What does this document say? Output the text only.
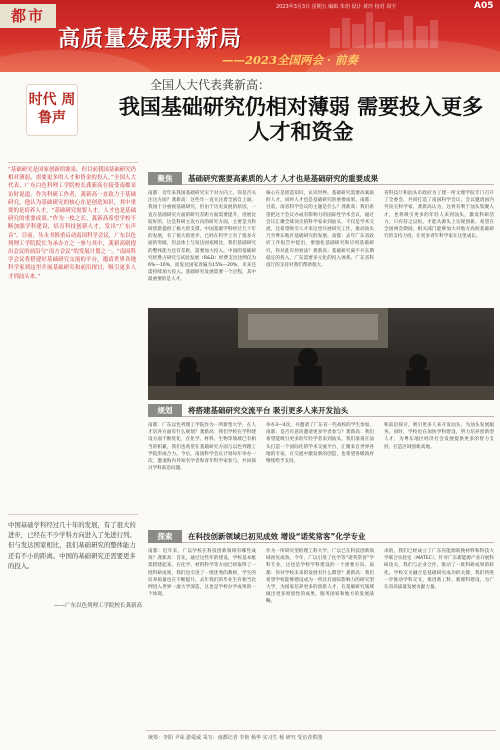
都市	2023年3月3日 星期五 编辑 朱玥 设计 黄玲 校对 周宇	A05
高质量发展开新局
——2023全国两会 · 前奏
时代 周 鲁声
全国人大代表龚新高：
我国基础研究仍相对薄弱 需要投入更多人才和资金
“基础研究是国家创新的源泉，但目前我国基础研究仍相对薄弱，需要更多的人才和资金的投入。”全国人大代表、广东白色科理工学院校长龚新高在接受南都采访时说道。作为科研工作者，龚新高一直致力于基础研究，他认为基础研究的核心在是创造知识，其中重要的是培养人才，“基础研究需要人才，人才也是基础研究的重要成果。”作为一枚之长，龚新高希望学校不断加强学科建设，培育科技创新人才，发出“广东声音”。目前，丛永书推重启动南国科学会议，广东以色列理工学院院长为承办方之一参与其中，龚新高则提出会议的前沿与“南方会议”的发展计划之一。“南国科学会议将搭建好基础研究交流的平台，邀请世界各地科学家到这里开展基础研究和前沿探讨，吸引更多人才到汕头来。”
聚焦	基础研究需要高素质的人才 人才也是基础研究的重要成果
南都：近年来我国基础研究实于对方向上。你是否关注这方面？龚新高：这些年一直关注着全国自上面，我国十分重视基础研究，但由于历史发展的原因，一直在基础研究方面的研究差距方面需要提升，进展比较好的，这是科研主攻方向的研究方面，主要是为科研创新提供了极大的支撑。中国基础学科经过几十年的发展，有了很大的进步，已经在科学上有了很多方面的突破，但总体上与发达国家相比，我们基础研究的整体能力还有差距，需要加大投入。中国的基础研究经费占研究与试验发展（R&D）经费支出比例仅为6%—10%，而发达国家普遍为15%—20%，未来还需持续加大投入。基础研究发展需要一个过程，其中最重要的是人才。
核心在是创造知识，认识世界。基础研究需要高素质的人才，同时人才也是基础研究的重要成果。南都：目前，南省科学会议的主题是什么？龚新高：我们希望把这个会议办成有影响力的国际性学术会议，通过会议汇聚全球顶尖的科学家来到汕头，不仅是学术交流，还希望吸引人才来这里开展研究工作，推动汕头乃至粤东地区基础研究的发展。南都：去年广东省政府工作报告中提出，要强化基础研究和应用基础研究，你对此有何看法？龚新高：基础研究离不开长期稳定的投入，广东需要多元化的投入体系。广东省科技厅的支持对我们帮助很大。
省科技厅和汕头市政府为了建一所文理学院专门召开了全委会，共同打造了南国科学会议，会议邀请国内外顶尖科学家，龚新高认为，这将有利于汕头集聚人才，也将吸引更多的年轻人来到汕头，激发科研活力。只有持之以恒，才能从源头上实现创新。希望在全国两会期间，相关部门能够加大对地方高校基础研究的支持力度，让更多青年科学家在这里成长。
规划	将搭建基础研究交流平台 吸引更多人来开发汕头
南都：广东以色列理工学院作为一所新型大学，在人才培养方面有什么规划？龚新高：我们学校在学科建设方面不断优化，在化学、材料、生物等领域已有相当的积累，我们也希望在基础研究方面与以色列理工学院形成合力。今后，南国科学会议计划每年举办一次，邀请海内外知名学者和青年科学家参与，共同探讨学科前沿问题。
举办3—4次，并邀请了广东省一些高校的学生参加，南都：是否有意向邀请更多学者参与？龚新高：我们希望能吸引更多的年轻学者来到汕头，我们准备在汕头打造一个国际化的学术交流平台，汇聚来自世界各地的专家，在交流中激发新的创造，也希望各级政府继续给予支持。
和前沿探讨，吸引更多人来开发汕头，为汕头发展服务。同时，学校也在加快学科建设，努力培养创新型人才，为粤东地区经济社会发展提供更多的智力支持，打造区域创新高地。
探索	在科技创新领域已初见成效 增设“诺奖常客”化学专业
南都：近年来，广以学校在科技创新领域有哪些成效？龚新高：首先，通过这些年的建设，学校基本框架搭建起来，在化学、材料科学等方面已经取得了一批科研成果，我们也引进了一批优秀的教师，学生的培养质量也在不断提升，去年我们的毕业生有相当比例进入世界一流大学深造，这也是学校办学成果的一个体现。
作为一所研究型的理工科大学，广以已在科技创新领域初见成效。今年，广以引进了化学等“诺奖常客”学科专业，这也是学校学科建设的一个重要方向。南都：你对学校未来的发展有什么期望？龚新高：我们希望学校能够建设成为一所具有国际影响力的研究型大学，为国家培养更多的创新人才，在基础研究领域做出更多原创性的成果，服务国家和地方的发展战略。
求的，我们已经成立了广东省能源转换材料和科技大学联合实验室（MATEC），针对广东新能源产业开展科研攻关，我们与企业合作，推动了一批科研成果的转化。学校交叉融合是基础研究成功的关键，我们将进一步推动学科交叉，推进新工科、新理科建设，为广东省高质量发展贡献力量。
中国基础学科经过几十年的发展，有了很大的进步，已经在不少学科方向进入了先进行列。但与发达国家相比，我们基础研究的整体能力还有不小的距离。中国的基础研究还需要更多的投入。
——广东以色列理工学院校长龚新高
统筹：李阳 尹荣 游爱威 采写：南都记者 李艳 杨华 实习生 杨 研究 受访者供图
